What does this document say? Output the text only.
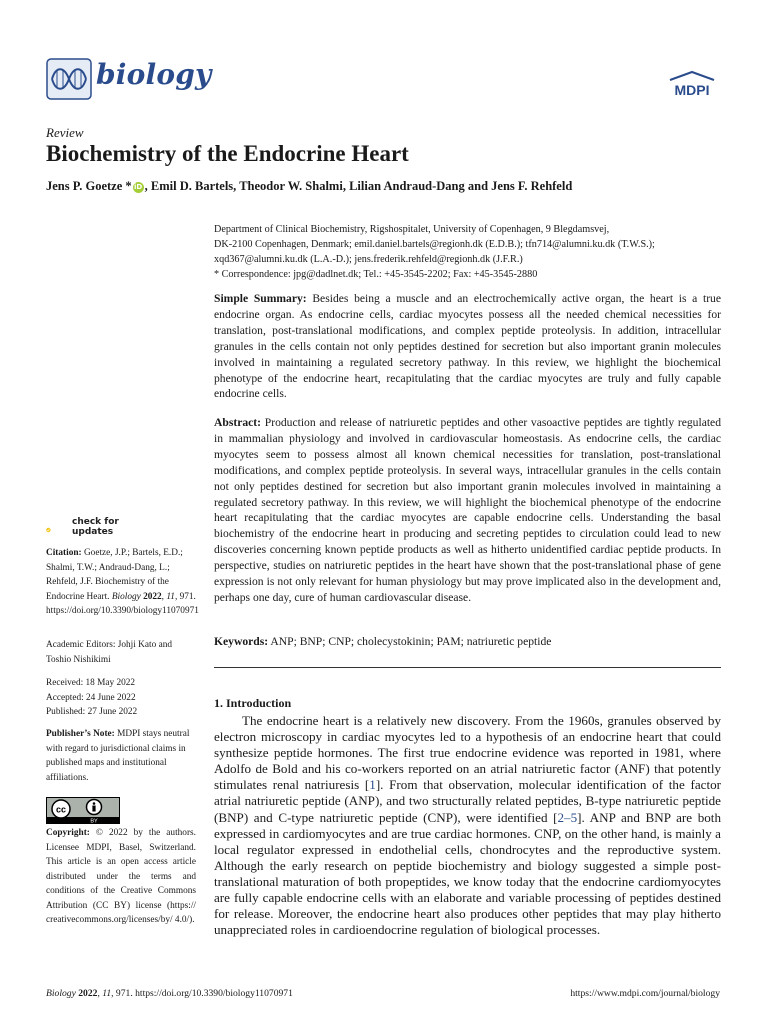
biology	MDPI
Review
Biochemistry of the Endocrine Heart
Jens P. Goetze * iD , Emil D. Bartels, Theodor W. Shalmi, Lilian Andraud-Dang and Jens F. Rehfeld

Department of Clinical Biochemistry, Rigshospitalet, University of Copenhagen, 9 Blegdamsvej,

DK-2100 Copenhagen, Denmark; emil.daniel.bartels@regionh.dk (E.D.B.); tfn714@alumni.ku.dk (T.W.S.);

xqd367@alumni.ku.dk (L.A.-D.); jens.frederik.rehfeld@regionh.dk (J.F.R.)

* Correspondence: jpg@dadlnet.dk; Tel.: +45-3545-2202; Fax: +45-3545-2880

Simple Summary: Besides being a muscle and an electrochemically active organ, the heart is a true endocrine organ. As endocrine cells, cardiac myocytes possess all the needed chemical necessities for translation, post-translational modifications, and complex peptide proteolysis. In addition, intracellular granules in the cells contain not only peptides destined for secretion but also important granin molecules involved in maintaining a regulated secretory pathway. In this review, we highlight the biochemical phenotype of the endocrine heart, recapitulating that the cardiac myocytes are truly and fully capable endocrine cells.

Abstract: Production and release of natriuretic peptides and other vasoactive peptides are tightly regulated in mammalian physiology and involved in cardiovascular homeostasis. As endocrine cells, the cardiac myocytes seem to possess almost all known chemical necessities for translation, post-translational modifications, and complex peptide proteolysis. In several ways, intracellular granules in the cells contain not only peptides destined for secretion but also important granin molecules involved in maintaining a regulated secretory pathway. In this review, we will highlight the biochemical phenotype of the endocrine heart recapitulating that the cardiac myocytes are capable endocrine cells. Understanding the basal biochemistry of the endocrine heart in producing and secreting peptides to circulation could lead to new discoveries concerning known peptide products as well as hitherto unidentified cardiac peptide products. In perspective, studies on natriuretic peptides in the heart have shown that the post-translational phase of gene expression is not only relevant for human physiology but may prove implicated also in the development and, perhaps one day, cure of human cardiovascular disease.

Keywords: ANP; BNP; CNP; cholecystokinin; PAM; natriuretic peptide

1. Introduction

The endocrine heart is a relatively new discovery. From the 1960s, granules observed by electron microscopy in cardiac myocytes led to a hypothesis of an endocrine heart that could synthesize peptide hormones. The first true endocrine evidence was reported in 1981, where Adolfo de Bold and his co-workers reported on an atrial natriuretic factor (ANF) that potently stimulates renal natriuresis [1]. From that observation, molecular identification of the factor atrial natriuretic peptide (ANP), and two structurally related peptides, B-type natriuretic peptide (BNP) and C-type natriuretic peptide (CNP), were identified [2–5]. ANP and BNP are both expressed in cardiomyocytes and are true cardiac hormones. CNP, on the other hand, is mainly a local regulator expressed in endothelial cells, chondrocytes and the reproductive system. Although the early research on peptide biochemistry and biology suggested a simple post-translational maturation of both propeptides, we know today that the endocrine cardiomyocytes are fully capable endocrine cells with an elaborate and variable processing of peptides destined for release. Moreover, the endocrine heart also produces other peptides that may play hitherto unappreciated roles in cardioendocrine regulation of biological processes.

check for
updates

Citation: Goetze, J.P.; Bartels, E.D.; Shalmi, T.W.; Andraud-Dang, L.; Rehfeld, J.F. Biochemistry of the Endocrine Heart. Biology 2022, 11, 971. https://doi.org/10.3390/biology11070971

Academic Editors: Johji Kato and Toshio Nishikimi

Received: 18 May 2022

Accepted: 24 June 2022

Published: 27 June 2022

Publisher’s Note: MDPI stays neutral with regard to jurisdictional claims in published maps and institutional affiliations.

cc
BY

Copyright: © 2022 by the authors. Licensee MDPI, Basel, Switzerland. This article is an open access article distributed under the terms and conditions of the Creative Commons Attribution (CC BY) license (https:// creativecommons.org/licenses/by/ 4.0/).

Biology 2022, 11, 971. https://doi.org/10.3390/biology11070971	https://www.mdpi.com/journal/biology
